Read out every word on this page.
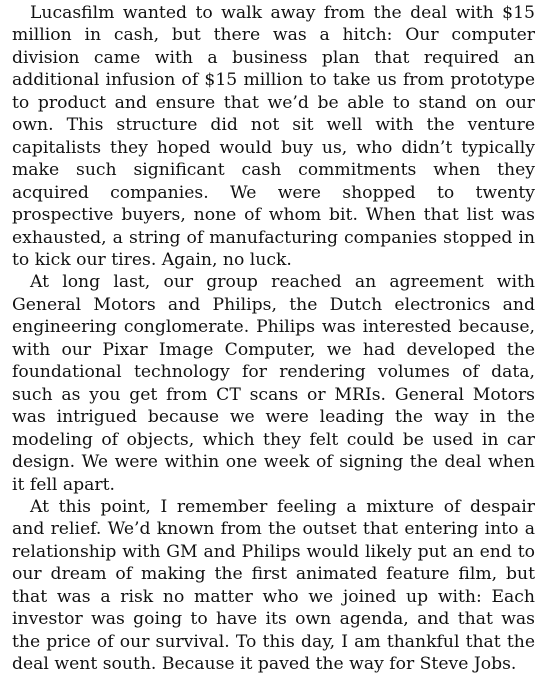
Lucasfilm wanted to walk away from the deal with $15 million in cash, but there was a hitch: Our computer division came with a business plan that required an additional infusion of $15 million to take us from prototype to product and ensure that we’d be able to stand on our own. This structure did not sit well with the venture capitalists they hoped would buy us, who didn’t typically make such significant cash commitments when they acquired companies. We were shopped to twenty prospective buyers, none of whom bit. When that list was exhausted, a string of manufacturing companies stopped in to kick our tires. Again, no luck.

At long last, our group reached an agreement with General Motors and Philips, the Dutch electronics and engineering conglomerate. Philips was interested because, with our Pixar Image Computer, we had developed the foundational technology for rendering volumes of data, such as you get from CT scans or MRIs. General Motors was intrigued because we were leading the way in the modeling of objects, which they felt could be used in car design. We were within one week of signing the deal when it fell apart.

At this point, I remember feeling a mixture of despair and relief. We’d known from the outset that entering into a relationship with GM and Philips would likely put an end to our dream of making the first animated feature film, but that was a risk no matter who we joined up with: Each investor was going to have its own agenda, and that was the price of our survival. To this day, I am thankful that the deal went south. Because it paved the way for Steve Jobs.
